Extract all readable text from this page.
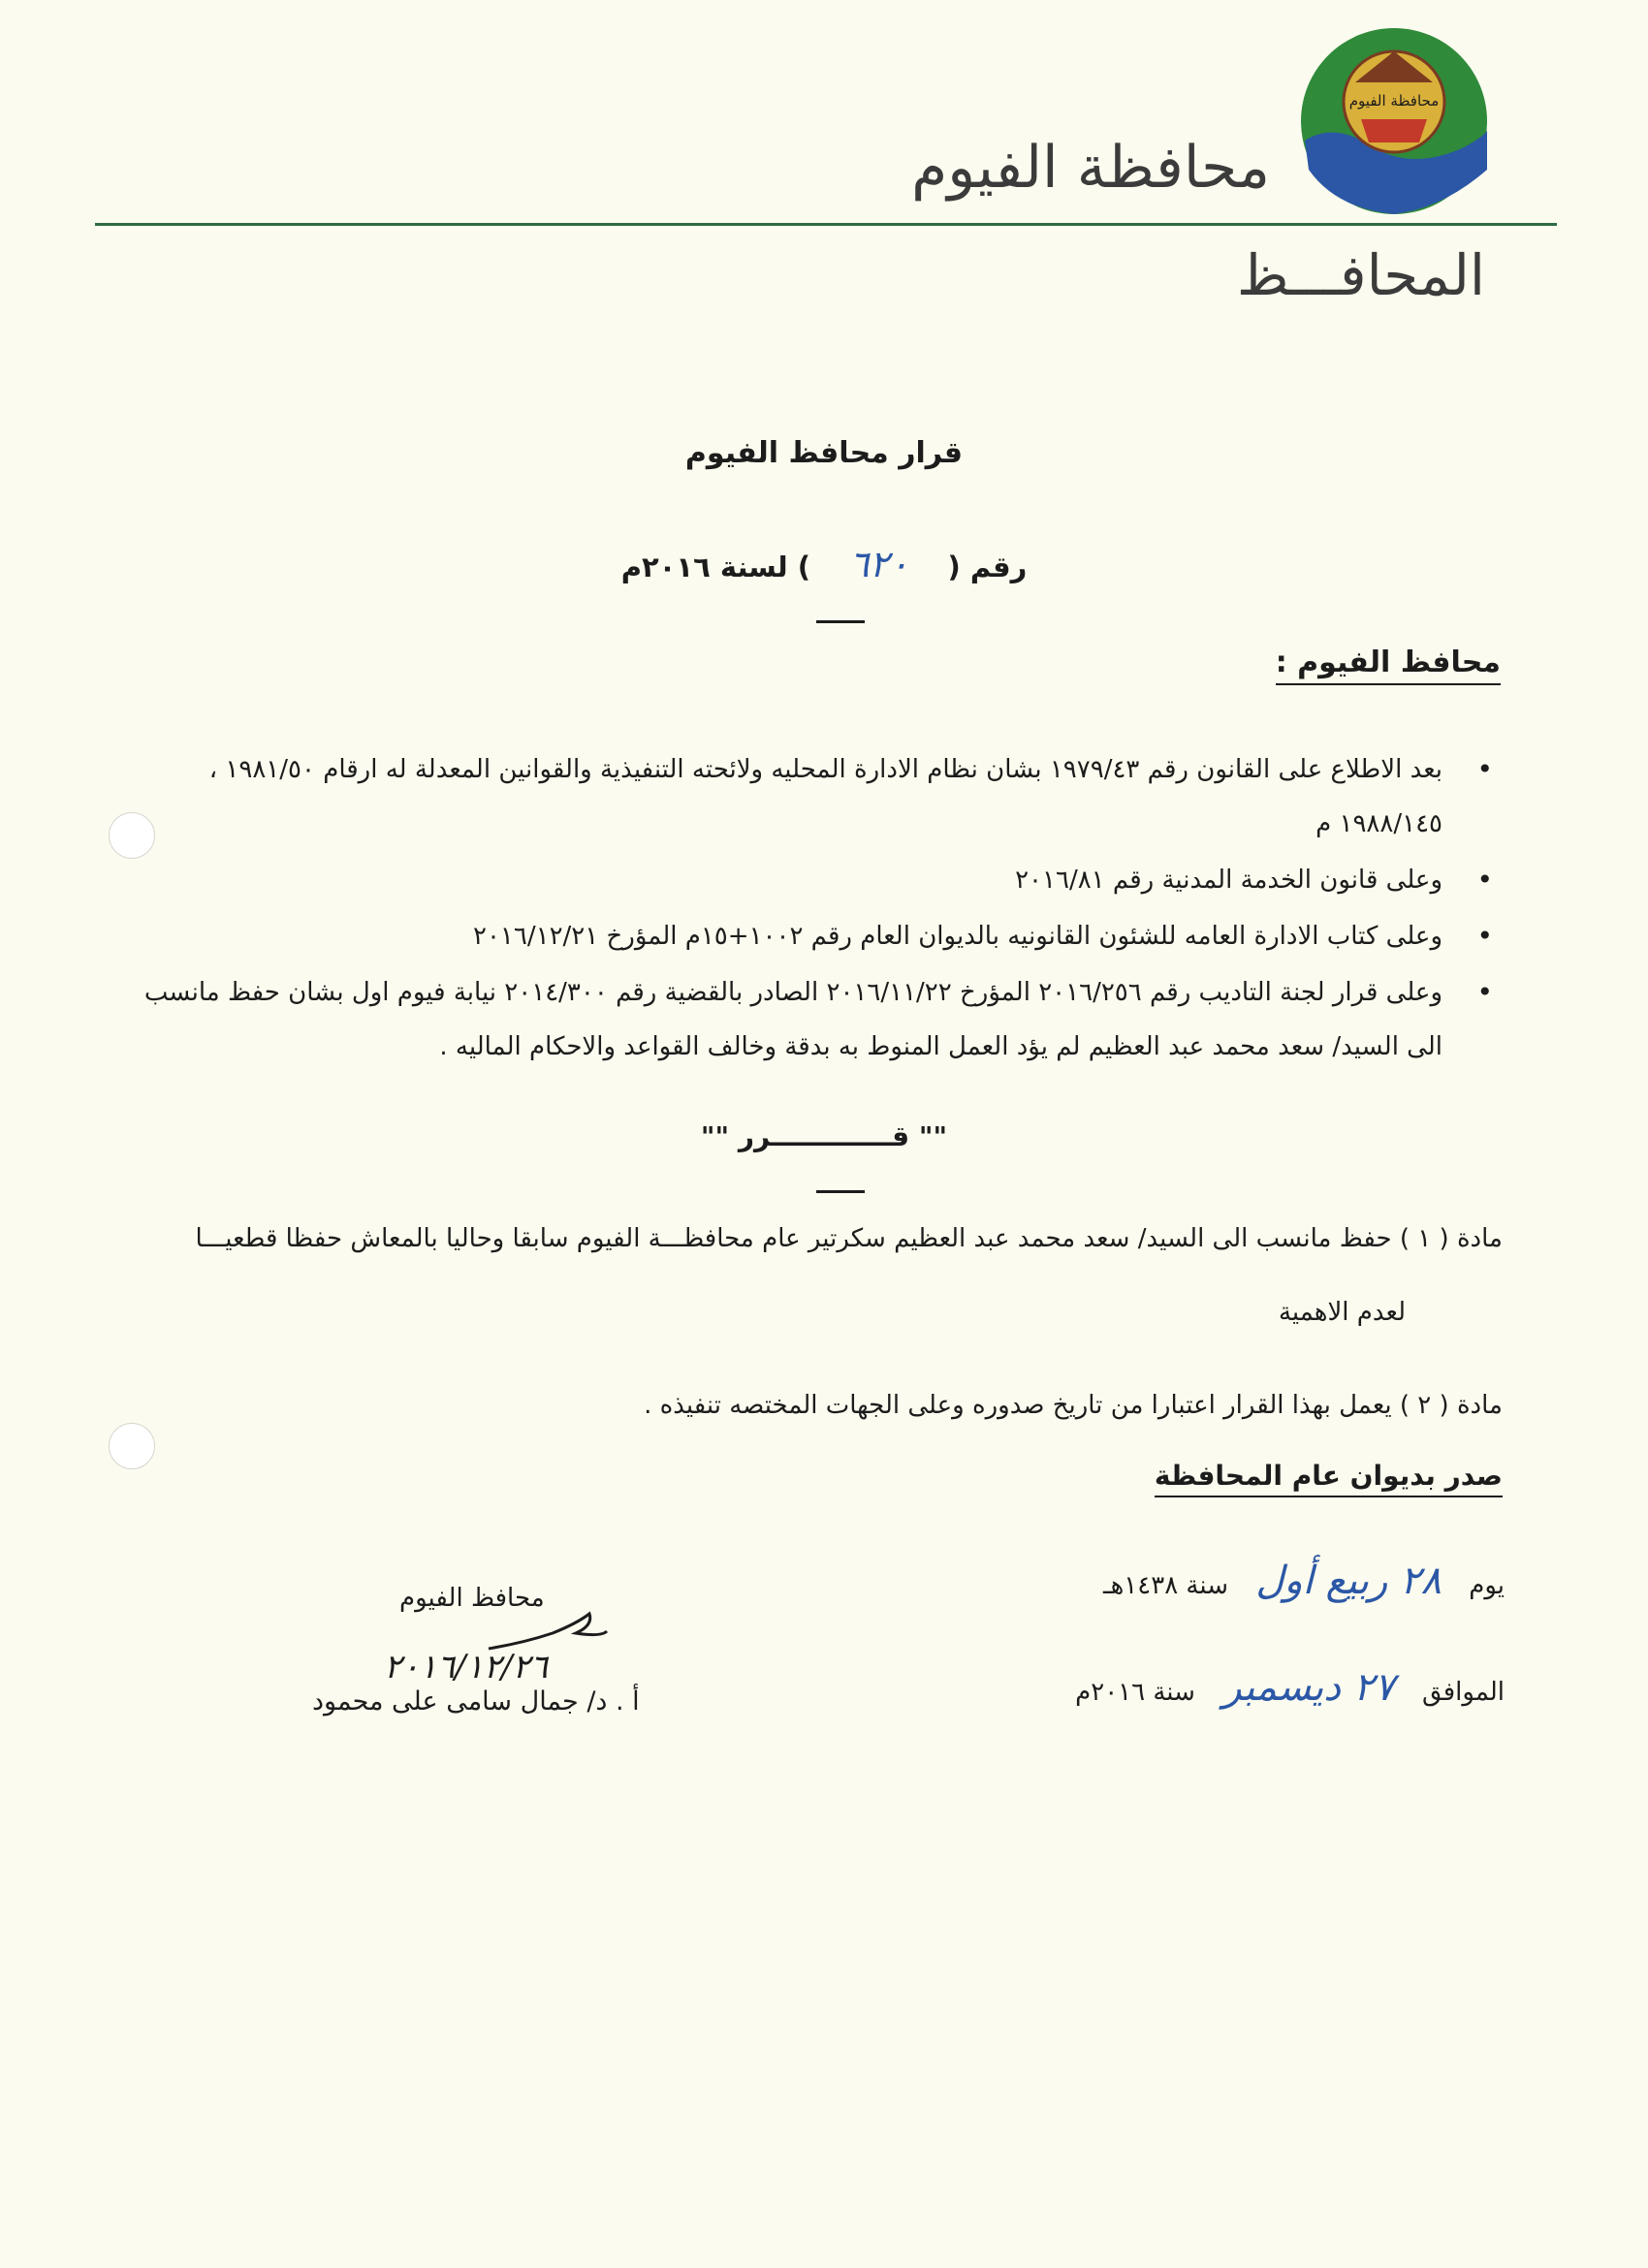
محافظة الفيوم
محافظة الفيوم
المحافـــظ
قرار محافظ الفيوم
رقم ( ٦٢٠ ) لسنة ٢٠١٦م
محافظ الفيوم :
• بعد الاطلاع على القانون رقم ١٩٧٩/٤٣ بشان نظام الادارة المحليه ولائحته التنفيذية والقوانين المعدلة له ارقام ١٩٨١/٥٠ ، ١٩٨٨/١٤٥ م
• وعلى قانون الخدمة المدنية رقم ٢٠١٦/٨١
• وعلى كتاب الادارة العامه للشئون القانونيه بالديوان العام رقم ١٠٠٢+١٥م المؤرخ ٢٠١٦/١٢/٢١
• وعلى قرار لجنة التاديب رقم ٢٠١٦/٢٥٦ المؤرخ ٢٠١٦/١١/٢٢ الصادر بالقضية رقم ٢٠١٤/٣٠٠ نيابة فيوم اول بشان حفظ مانسب الى السيد/ سعد محمد عبد العظيم لم يؤد العمل المنوط به بدقة وخالف القواعد والاحكام الماليه .
"" قـــــــــــــرر ""
مادة ( ١ ) حفظ مانسب الى السيد/ سعد محمد عبد العظيم سكرتير عام محافظـــة الفيوم سابقا وحاليا بالمعاش حفظا قطعيـــا
لعدم الاهمية
مادة ( ٢ ) يعمل بهذا القرار اعتبارا من تاريخ صدوره وعلى الجهات المختصه تنفيذه .
صدر بديوان عام المحافظة
يوم ٢٨ ربيع أول سنة ١٤٣٨هـ
الموافق ٢٧ ديسمبر سنة ٢٠١٦م
محافظ الفيوم
٢٠١٦/١٢/٢٦
أ . د/ جمال سامى على محمود
